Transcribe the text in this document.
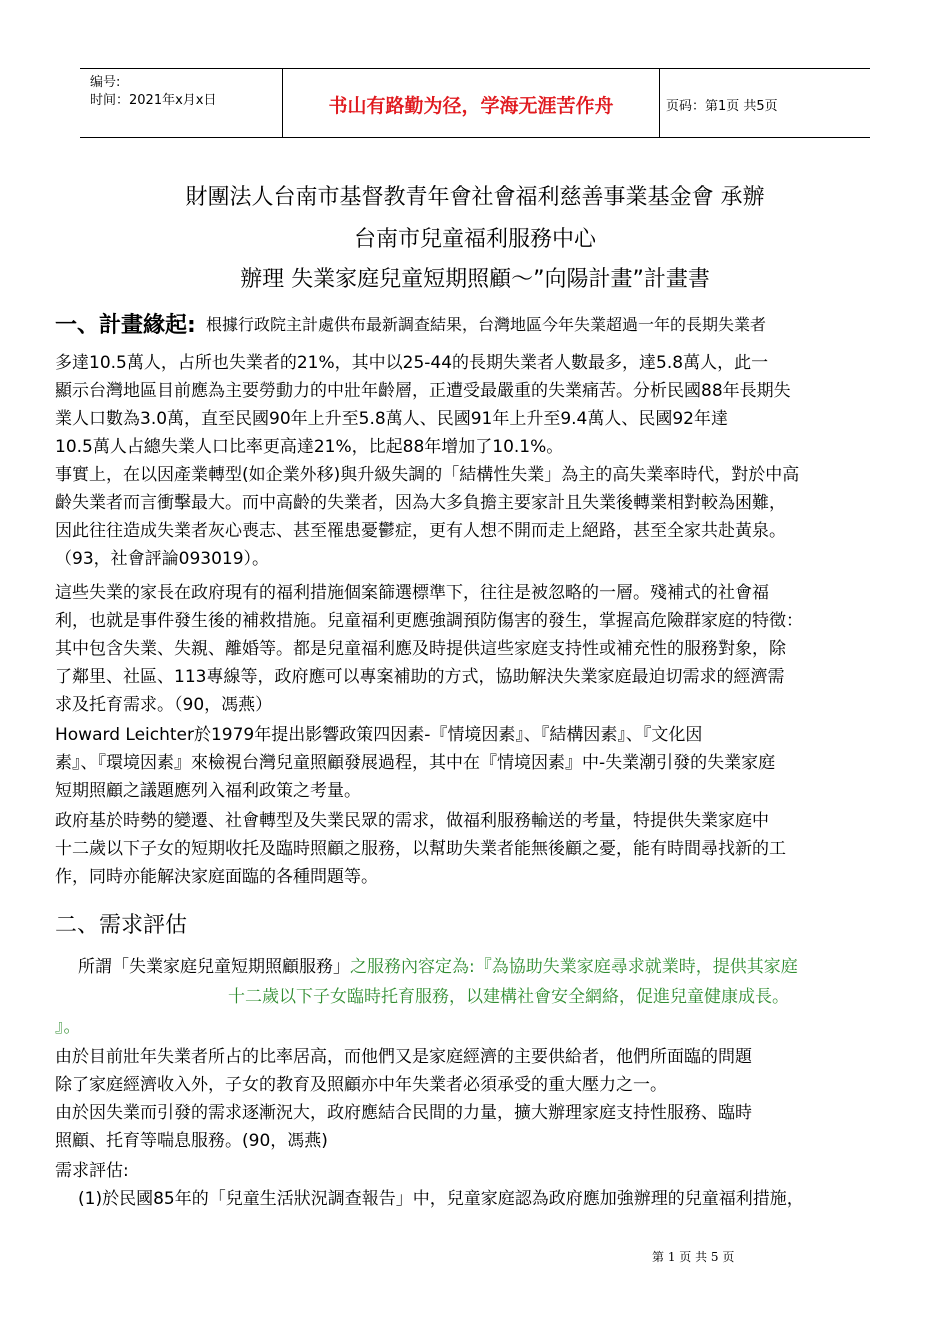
编号:
时间：2021年x月x日	书山有路勤为径，学海无涯苦作舟	页码：第1页 共5页
財團法人台南市基督教青年會社會福利慈善事業基金會 承辦
台南市兒童福利服務中心
辦理 失業家庭兒童短期照顧～”向陽計畫”計畫書
一、計畫緣起: 根據行政院主計處供布最新調查結果，台灣地區今年失業超過一年的長期失業者
多達10.5萬人，占所也失業者的21%，其中以25-44的長期失業者人數最多，達5.8萬人，此一
顯示台灣地區目前應為主要勞動力的中壯年齡層，正遭受最嚴重的失業痛苦。分析民國88年長期失
業人口數為3.0萬，直至民國90年上升至5.8萬人、民國91年上升至9.4萬人、民國92年達
10.5萬人占總失業人口比率更高達21%，比起88年增加了10.1%。
事實上，在以因產業轉型(如企業外移)與升級失調的「結構性失業」為主的高失業率時代，對於中高
齡失業者而言衝擊最大。而中高齡的失業者，因為大多負擔主要家計且失業後轉業相對較為困難，
因此往往造成失業者灰心喪志、甚至罹患憂鬱症，更有人想不開而走上絕路，甚至全家共赴黃泉。
（93，社會評論093019）。
這些失業的家長在政府現有的福利措施個案篩選標準下，往往是被忽略的一層。殘補式的社會福
利，也就是事件發生後的補救措施。兒童福利更應強調預防傷害的發生，掌握高危險群家庭的特徵：
其中包含失業、失親、離婚等。都是兒童福利應及時提供這些家庭支持性或補充性的服務對象，除
了鄰里、社區、113專線等，政府應可以專案補助的方式，協助解決失業家庭最迫切需求的經濟需
求及托育需求。（90，馮燕）
Howard Leichter於1979年提出影響政策四因素-『情境因素』、『結構因素』、『文化因
素』、『環境因素』來檢視台灣兒童照顧發展過程，其中在『情境因素』中-失業潮引發的失業家庭
短期照顧之議題應列入福利政策之考量。
政府基於時勢的變遷、社會轉型及失業民眾的需求，做福利服務輸送的考量，特提供失業家庭中
十二歲以下子女的短期收托及臨時照顧之服務，以幫助失業者能無後顧之憂，能有時間尋找新的工
作，同時亦能解決家庭面臨的各種問題等。
二、需求評估
所謂「失業家庭兒童短期照顧服務」之服務內容定為:『為協助失業家庭尋求就業時，提供其家庭
十二歲以下子女臨時托育服務，以建構社會安全網絡，促進兒童健康成長。
』。
由於目前壯年失業者所占的比率居高，而他們又是家庭經濟的主要供給者，他們所面臨的問題
除了家庭經濟收入外，子女的教育及照顧亦中年失業者必須承受的重大壓力之一。
由於因失業而引發的需求逐漸況大，政府應結合民間的力量，擴大辦理家庭支持性服務、臨時
照顧、托育等喘息服務。(90，馮燕)
需求評估:
(1)於民國85年的「兒童生活狀況調查報告」中，兒童家庭認為政府應加強辦理的兒童福利措施，
第 1 页 共 5 页
